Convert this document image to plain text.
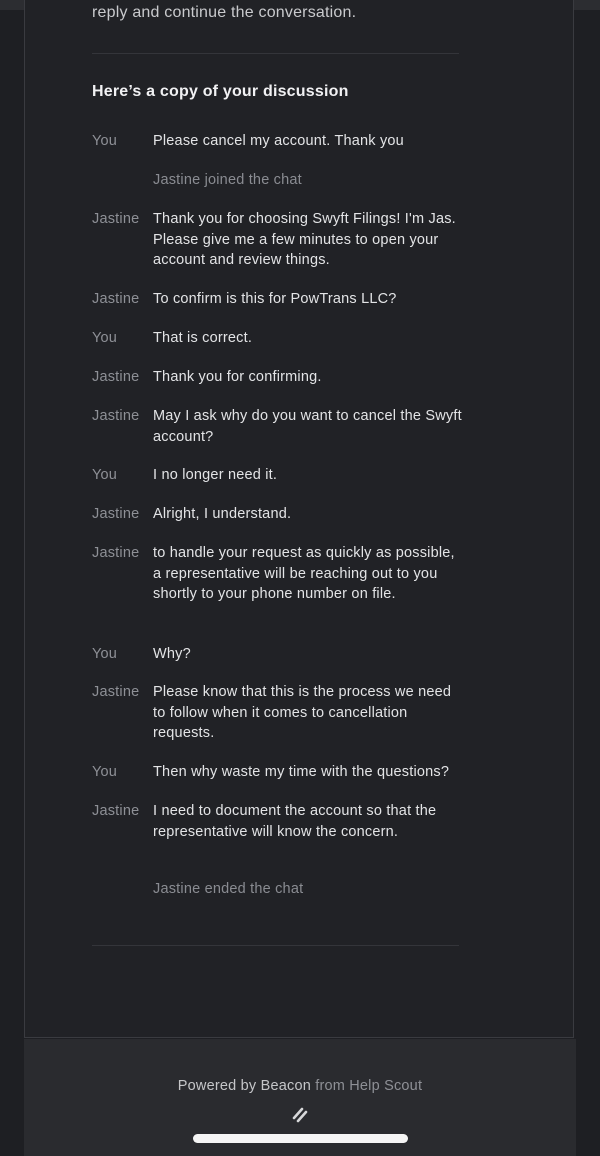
reply and continue the conversation.
Here’s a copy of your discussion
You	Please cancel my account. Thank you
Jastine joined the chat
Jastine Thank you for choosing Swyft Filings! I'm Jas. Please give me a few minutes to open your account and review things.
Jastine To confirm is this for PowTrans LLC?
You	That is correct.
Jastine Thank you for confirming.
Jastine May I ask why do you want to cancel the Swyft account?
You	I no longer need it.
Jastine Alright, I understand.
Jastine to handle your request as quickly as possible, a representative will be reaching out to you shortly to your phone number on file.
You	Why?
Jastine Please know that this is the process we need to follow when it comes to cancellation requests.
You	Then why waste my time with the questions?
Jastine I need to document the account so that the representative will know the concern.
Jastine ended the chat
Powered by Beacon from Help Scout
